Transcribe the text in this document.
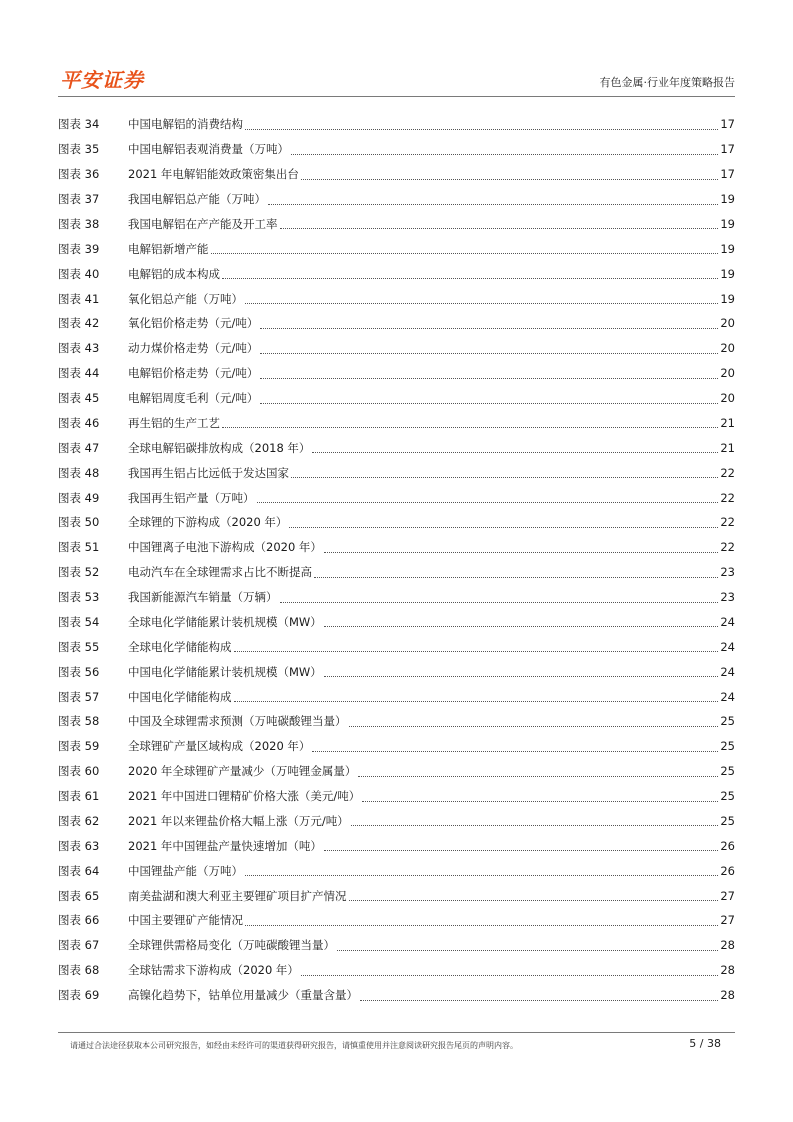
平安证券	有色金属·行业年度策略报告
图表 34	中国电解铝的消费结构	17
图表 35	中国电解铝表观消费量（万吨）	17
图表 36	2021 年电解铝能效政策密集出台	17
图表 37	我国电解铝总产能（万吨）	19
图表 38	我国电解铝在产产能及开工率	19
图表 39	电解铝新增产能	19
图表 40	电解铝的成本构成	19
图表 41	氧化铝总产能（万吨）	19
图表 42	氧化铝价格走势（元/吨）	20
图表 43	动力煤价格走势（元/吨）	20
图表 44	电解铝价格走势（元/吨）	20
图表 45	电解铝周度毛利（元/吨）	20
图表 46	再生铝的生产工艺	21
图表 47	全球电解铝碳排放构成（2018 年）	21
图表 48	我国再生铝占比远低于发达国家	22
图表 49	我国再生铝产量（万吨）	22
图表 50	全球锂的下游构成（2020 年）	22
图表 51	中国锂离子电池下游构成（2020 年）	22
图表 52	电动汽车在全球锂需求占比不断提高	23
图表 53	我国新能源汽车销量（万辆）	23
图表 54	全球电化学储能累计装机规模（MW）	24
图表 55	全球电化学储能构成	24
图表 56	中国电化学储能累计装机规模（MW）	24
图表 57	中国电化学储能构成	24
图表 58	中国及全球锂需求预测（万吨碳酸锂当量）	25
图表 59	全球锂矿产量区域构成（2020 年）	25
图表 60	2020 年全球锂矿产量减少（万吨锂金属量）	25
图表 61	2021 年中国进口锂精矿价格大涨（美元/吨）	25
图表 62	2021 年以来锂盐价格大幅上涨（万元/吨）	25
图表 63	2021 年中国锂盐产量快速增加（吨）	26
图表 64	中国锂盐产能（万吨）	26
图表 65	南美盐湖和澳大利亚主要锂矿项目扩产情况	27
图表 66	中国主要锂矿产能情况	27
图表 67	全球锂供需格局变化（万吨碳酸锂当量）	28
图表 68	全球钴需求下游构成（2020 年）	28
图表 69	高镍化趋势下，钴单位用量减少（重量含量）	28
请通过合法途径获取本公司研究报告，如经由未经许可的渠道获得研究报告，请慎重使用并注意阅读研究报告尾页的声明内容。	5 / 38
